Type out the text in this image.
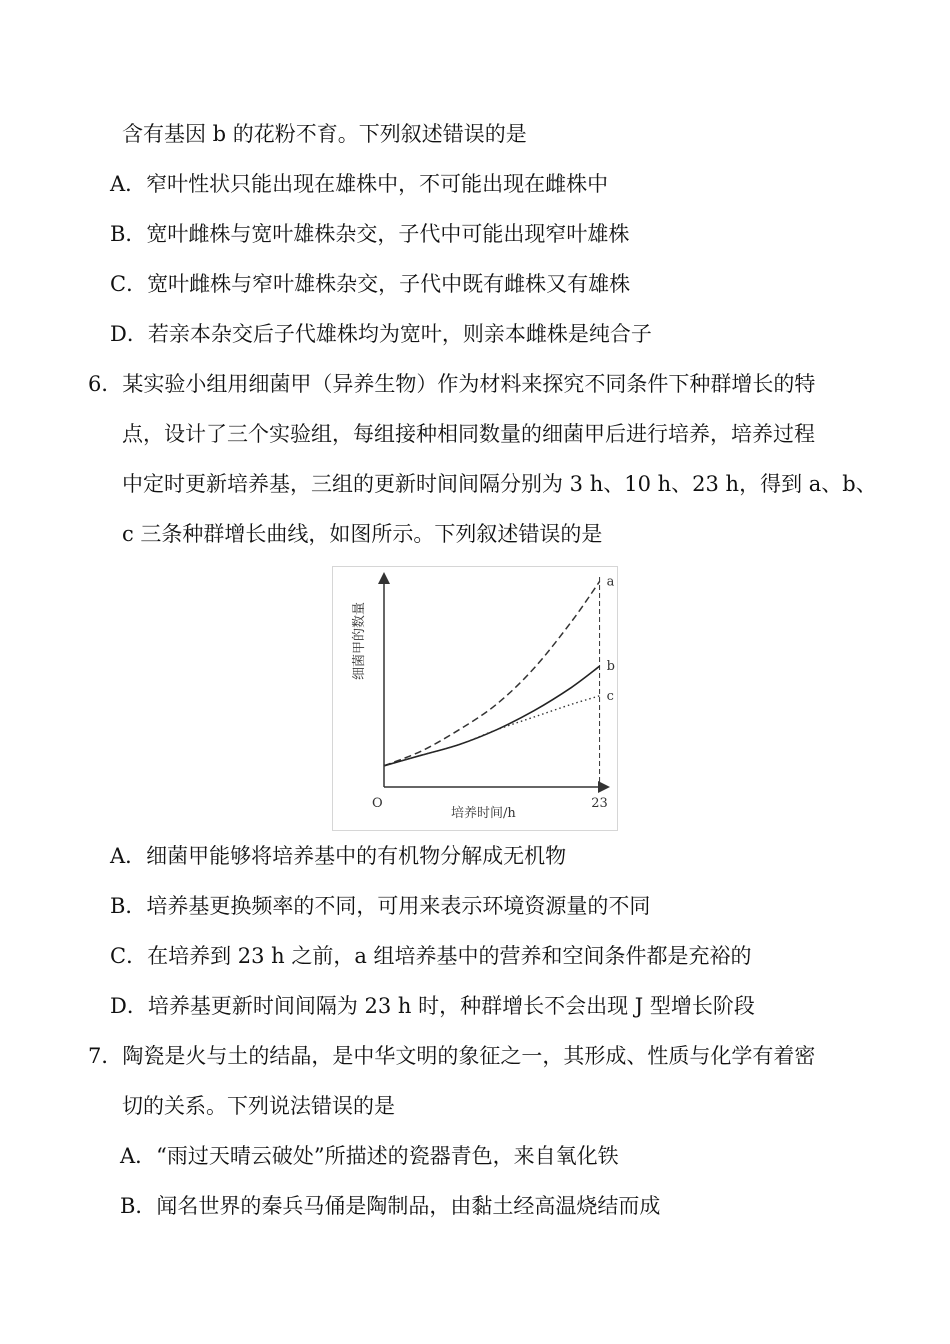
含有基因 b 的花粉不育。下列叙述错误的是
A．窄叶性状只能出现在雄株中，不可能出现在雌株中
B．宽叶雌株与宽叶雄株杂交，子代中可能出现窄叶雄株
C．宽叶雌株与窄叶雄株杂交，子代中既有雌株又有雄株
D．若亲本杂交后子代雄株均为宽叶，则亲本雌株是纯合子
6．某实验小组用细菌甲（异养生物）作为材料来探究不同条件下种群增长的特
点，设计了三个实验组，每组接种相同数量的细菌甲后进行培养，培养过程
中定时更新培养基，三组的更新时间间隔分别为 3 h、10 h、23 h，得到 a、b、
c 三条种群增长曲线，如图所示。下列叙述错误的是
a
b
c
O	23
培养时间/h
细菌甲的数量
A．细菌甲能够将培养基中的有机物分解成无机物
B．培养基更换频率的不同，可用来表示环境资源量的不同
C．在培养到 23 h 之前，a 组培养基中的营养和空间条件都是充裕的
D．培养基更新时间间隔为 23 h 时，种群增长不会出现 J 型增长阶段
7．陶瓷是火与土的结晶，是中华文明的象征之一，其形成、性质与化学有着密
切的关系。下列说法错误的是
A．“雨过天晴云破处”所描述的瓷器青色，来自氧化铁
B．闻名世界的秦兵马俑是陶制品，由黏土经高温烧结而成
